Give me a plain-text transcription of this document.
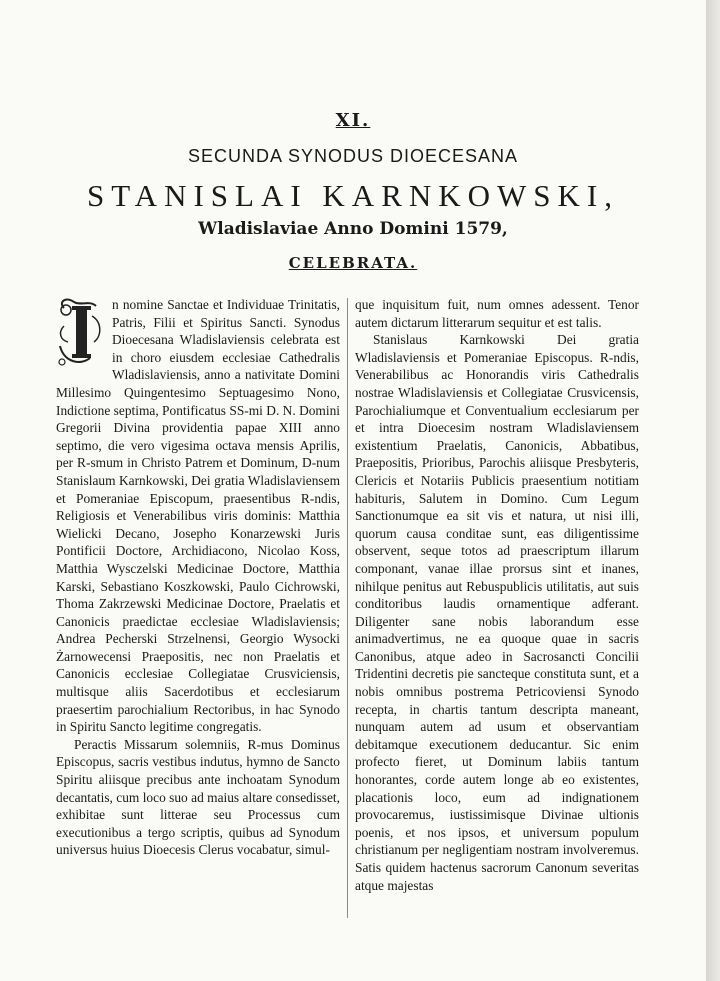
XI.
SECUNDA SYNODUS DIOECESANA
STANISLAI KARNKOWSKI,
Wladislaviae Anno Domini 1579,
CELEBRATA.

n nomine Sanctae et Individuae Trinitatis, Patris, Filii et Spiritus Sancti. Synodus Dioecesana Wladislaviensis celebrata est in choro eiusdem ecclesiae Cathedralis Wladislaviensis, anno a nativitate Domini Millesimo Quingentesimo Septuagesimo Nono, Indictione septima, Pontificatus SS-mi D. N. Domini Gregorii Divina providentia papae XIII anno septimo, die vero vigesima octava mensis Aprilis, per R-smum in Christo Patrem et Dominum, D-num Stanislaum Karnkowski, Dei gratia Wladislaviensem et Pomeraniae Episcopum, praesentibus R-ndis, Religiosis et Venerabilibus viris dominis: Matthia Wielicki Decano, Josepho Konarzewski Juris Pontificii Doctore, Archidiacono, Nicolao Koss, Matthia Wysczelski Medicinae Doctore, Matthia Karski, Sebastiano Koszkowski, Paulo Cichrowski, Thoma Zakrzewski Medicinae Doctore, Praelatis et Canonicis praedictae ecclesiae Wladislaviensis; Andrea Pecherski Strzelnensi, Georgio Wysocki Żarnowecensi Praepositis, nec non Praelatis et Canonicis ecclesiae Collegiatae Crusviciensis, multisque aliis Sacerdotibus et ecclesiarum praesertim parochialium Rectoribus, in hac Synodo in Spiritu Sancto legitime congregatis.

Peractis Missarum solemniis, R-mus Dominus Episcopus, sacris vestibus indutus, hymno de Sancto Spiritu aliisque precibus ante inchoatam Synodum decantatis, cum loco suo ad maius altare consedisset, exhibitae sunt litterae seu Processus cum executionibus a tergo scriptis, quibus ad Synodum universus huius Dioecesis Clerus vocabatur, simul-

que inquisitum fuit, num omnes adessent. Tenor autem dictarum litterarum sequitur et est talis.

Stanislaus Karnkowski Dei gratia Wladislaviensis et Pomeraniae Episcopus. R-ndis, Venerabilibus ac Honorandis viris Cathedralis nostrae Wladislaviensis et Collegiatae Crusvicensis, Parochialiumque et Conventualium ecclesiarum per et intra Dioecesim nostram Wladislaviensem existentium Praelatis, Canonicis, Abbatibus, Praepositis, Prioribus, Parochis aliisque Presbyteris, Clericis et Notariis Publicis praesentium notitiam habituris, Salutem in Domino. Cum Legum Sanctionumque ea sit vis et natura, ut nisi illi, quorum causa conditae sunt, eas diligentissime observent, seque totos ad praescriptum illarum componant, vanae illae prorsus sint et inanes, nihilque penitus aut Rebuspublicis utilitatis, aut suis conditoribus laudis ornamentique adferant. Diligenter sane nobis laborandum esse animadvertimus, ne ea quoque quae in sacris Canonibus, atque adeo in Sacrosancti Concilii Tridentini decretis pie sancteque constituta sunt, et a nobis omnibus postrema Petricoviensi Synodo recepta, in chartis tantum descripta maneant, nunquam autem ad usum et observantiam debitamque executionem deducantur. Sic enim profecto fieret, ut Dominum labiis tantum honorantes, corde autem longe ab eo existentes, placationis loco, eum ad indignationem provocaremus, iustissimisque Divinae ultionis poenis, et nos ipsos, et universum populum christianum per negligentiam nostram involveremus. Satis quidem hactenus sacrorum Canonum severitas atque majestas
